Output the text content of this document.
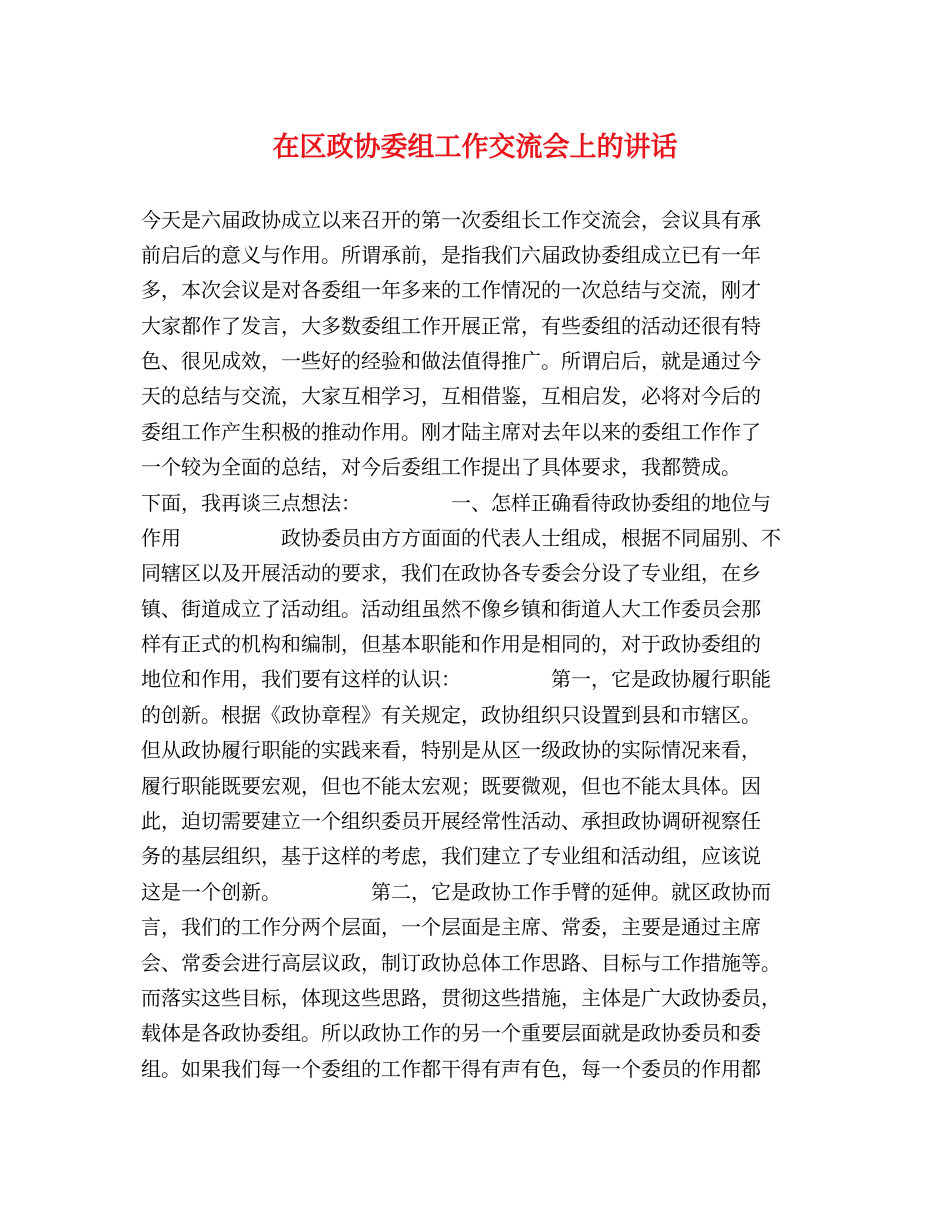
在区政协委组工作交流会上的讲话
今天是六届政协成立以来召开的第一次委组长工作交流会，会议具有承
前启后的意义与作用。所谓承前，是指我们六届政协委组成立已有一年
多，本次会议是对各委组一年多来的工作情况的一次总结与交流，刚才
大家都作了发言，大多数委组工作开展正常，有些委组的活动还很有特
色、很见成效，一些好的经验和做法值得推广。所谓启后，就是通过今
天的总结与交流，大家互相学习，互相借鉴，互相启发，必将对今后的
委组工作产生积极的推动作用。刚才陆主席对去年以来的委组工作作了
一个较为全面的总结，对今后委组工作提出了具体要求，我都赞成。
下面，我再谈三点想法：　　　　　一、怎样正确看待政协委组的地位与
作用　　　　　政协委员由方方面面的代表人士组成，根据不同届别、不
同辖区以及开展活动的要求，我们在政协各专委会分设了专业组，在乡
镇、街道成立了活动组。活动组虽然不像乡镇和街道人大工作委员会那
样有正式的机构和编制，但基本职能和作用是相同的，对于政协委组的
地位和作用，我们要有这样的认识：　　　　　第一，它是政协履行职能
的创新。根据《政协章程》有关规定，政协组织只设置到县和市辖区。
但从政协履行职能的实践来看，特别是从区一级政协的实际情况来看，
履行职能既要宏观，但也不能太宏观；既要微观，但也不能太具体。因
此，迫切需要建立一个组织委员开展经常性活动、承担政协调研视察任
务的基层组织，基于这样的考虑，我们建立了专业组和活动组，应该说
这是一个创新。　　　　　第二，它是政协工作手臂的延伸。就区政协而
言，我们的工作分两个层面，一个层面是主席、常委，主要是通过主席
会、常委会进行高层议政，制订政协总体工作思路、目标与工作措施等。
而落实这些目标，体现这些思路，贯彻这些措施，主体是广大政协委员，
载体是各政协委组。所以政协工作的另一个重要层面就是政协委员和委
组。如果我们每一个委组的工作都干得有声有色，每一个委员的作用都
